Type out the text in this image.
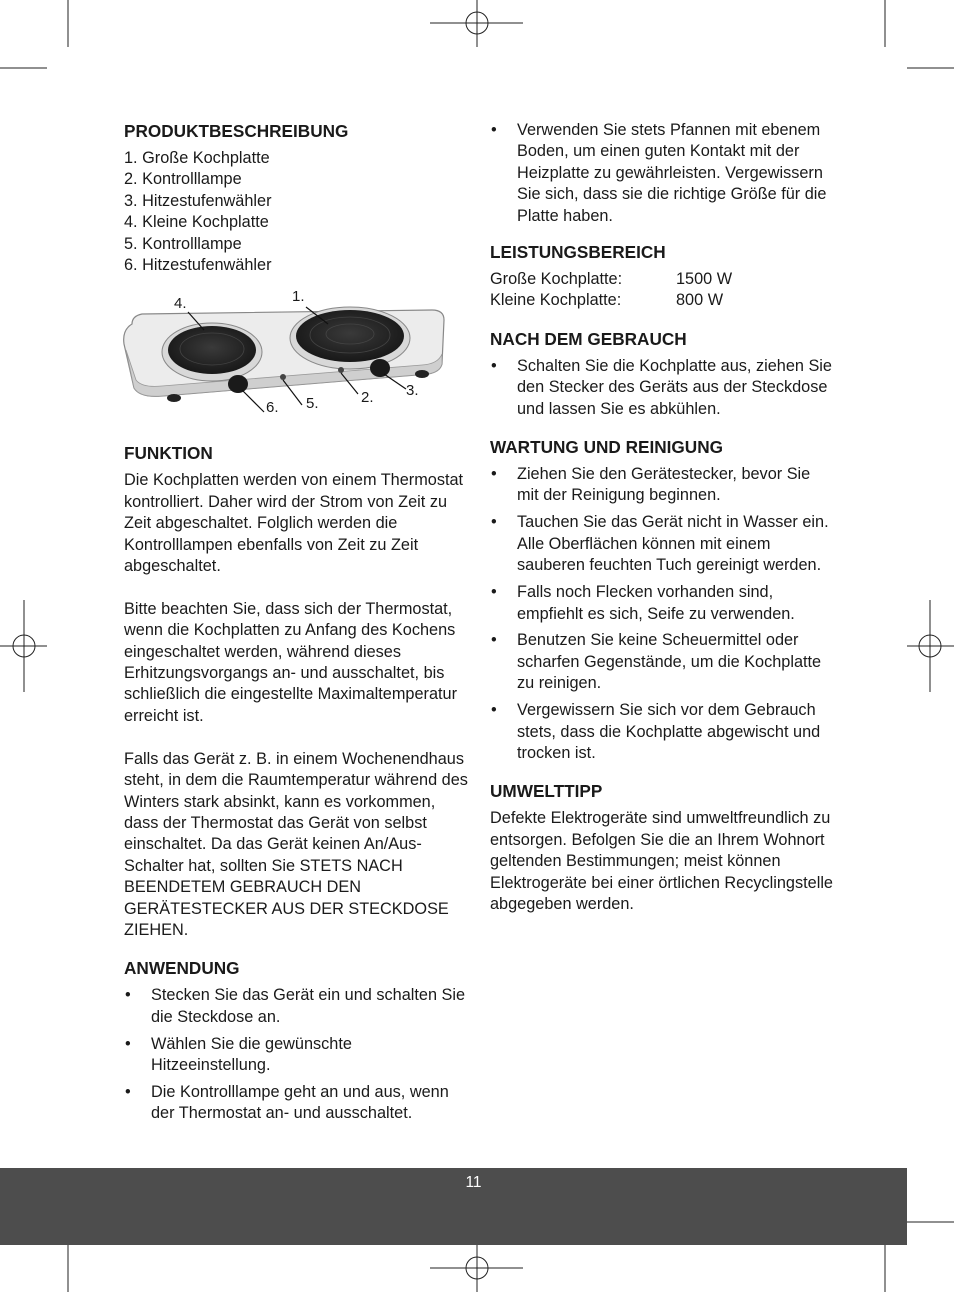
PRODUKTBESCHREIBUNG
1. Große Kochplatte
2. Kontrolllampe
3. Hitzestufenwähler
4. Kleine Kochplatte
5. Kontrolllampe
6. Hitzestufenwähler
4.	1.
6. 5.	2. 3.
FUNKTION

Die Kochplatten werden von einem Thermostat kontrolliert. Daher wird der Strom von Zeit zu Zeit abgeschaltet. Folglich werden die Kontrolllampen ebenfalls von Zeit zu Zeit abgeschaltet.

Bitte beachten Sie, dass sich der Thermostat, wenn die Kochplatten zu Anfang des Kochens eingeschaltet werden, während dieses Erhitzungsvorgangs an- und ausschaltet, bis schließlich die eingestellte Maximaltemperatur erreicht ist.

Falls das Gerät z. B. in einem Wochenendhaus steht, in dem die Raumtemperatur während des Winters stark absinkt, kann es vorkommen, dass der Thermostat das Gerät von selbst einschaltet. Da das Gerät keinen An/Aus-Schalter hat, sollten Sie STETS NACH BEENDETEM GEBRAUCH DEN GERÄTESTECKER AUS DER STECKDOSE ZIEHEN.

ANWENDUNG
• Stecken Sie das Gerät ein und schalten Sie die Steckdose an.
• Wählen Sie die gewünschte Hitzeeinstellung.
• Die Kontrolllampe geht an und aus, wenn der Thermostat an- und ausschaltet.
• Verwenden Sie stets Pfannen mit ebenem Boden, um einen guten Kontakt mit der Heizplatte zu gewährleisten. Vergewissern Sie sich, dass sie die richtige Größe für die Platte haben.
LEISTUNGSBEREICH
Große Kochplatte:	1500 W
Kleine Kochplatte:	800 W
NACH DEM GEBRAUCH
• Schalten Sie die Kochplatte aus, ziehen Sie den Stecker des Geräts aus der Steckdose und lassen Sie es abkühlen.
WARTUNG UND REINIGUNG
• Ziehen Sie den Gerätestecker, bevor Sie mit der Reinigung beginnen.
• Tauchen Sie das Gerät nicht in Wasser ein. Alle Oberflächen können mit einem sauberen feuchten Tuch gereinigt werden.
• Falls noch Flecken vorhanden sind, empfiehlt es sich, Seife zu verwenden.
• Benutzen Sie keine Scheuermittel oder scharfen Gegenstände, um die Kochplatte zu reinigen.
• Vergewissern Sie sich vor dem Gebrauch stets, dass die Kochplatte abgewischt und trocken ist.
UMWELTTIPP

Defekte Elektrogeräte sind umweltfreundlich zu entsorgen. Befolgen Sie die an Ihrem Wohnort geltenden Bestimmungen; meist können Elektrogeräte bei einer örtlichen Recyclingstelle abgegeben werden.

11
